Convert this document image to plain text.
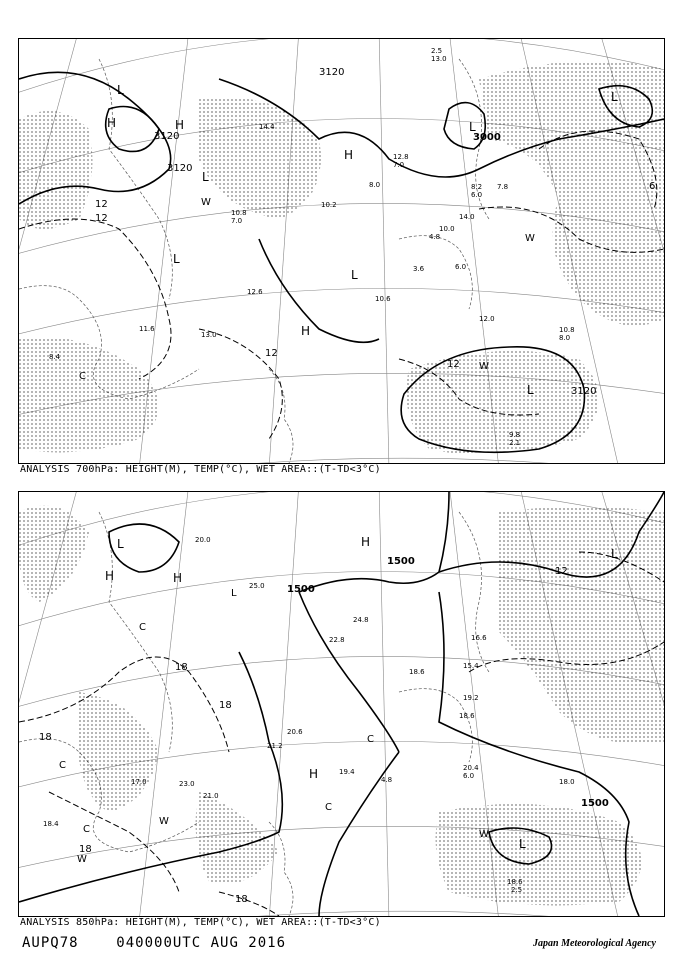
3120
3120
3120
3000
3120
12
12
12
12
6
H	H
L
L
L
L
H
H
L
L
W
W
W
C
L
12.0
10.8
4.8
3.6
14.0
10.6
8.4
8.0
9.8
2.1
11.6
10.8
7.0
12.6
13.0
8.0
10.2
10.0
6.0
14.4
12.8
7.0
2.5
13.0
8.2 7.8
6.0
ANALYSIS 700hPa: HEIGHT(M), TEMP(°C), WET AREA::(T-TD<3°C)
1500
1500
1500
18
18
18
18
12
18
L
H	H
H
H
L
C
C
C
W
W
W
C
L
C
L
20.0
18.6
15.4
24.8
22.8
21.2
19.4
18.6
20.4
6.0
18.6
2.5
18.0
4.8
16.6
19.2
20.6
18.4
17.0	23.0
21.0
25.0
ANALYSIS 850hPa: HEIGHT(M), TEMP(°C), WET AREA::(T-TD<3°C)
AUPQ78	040000UTC AUG 2016	Japan Meteorological Agency
